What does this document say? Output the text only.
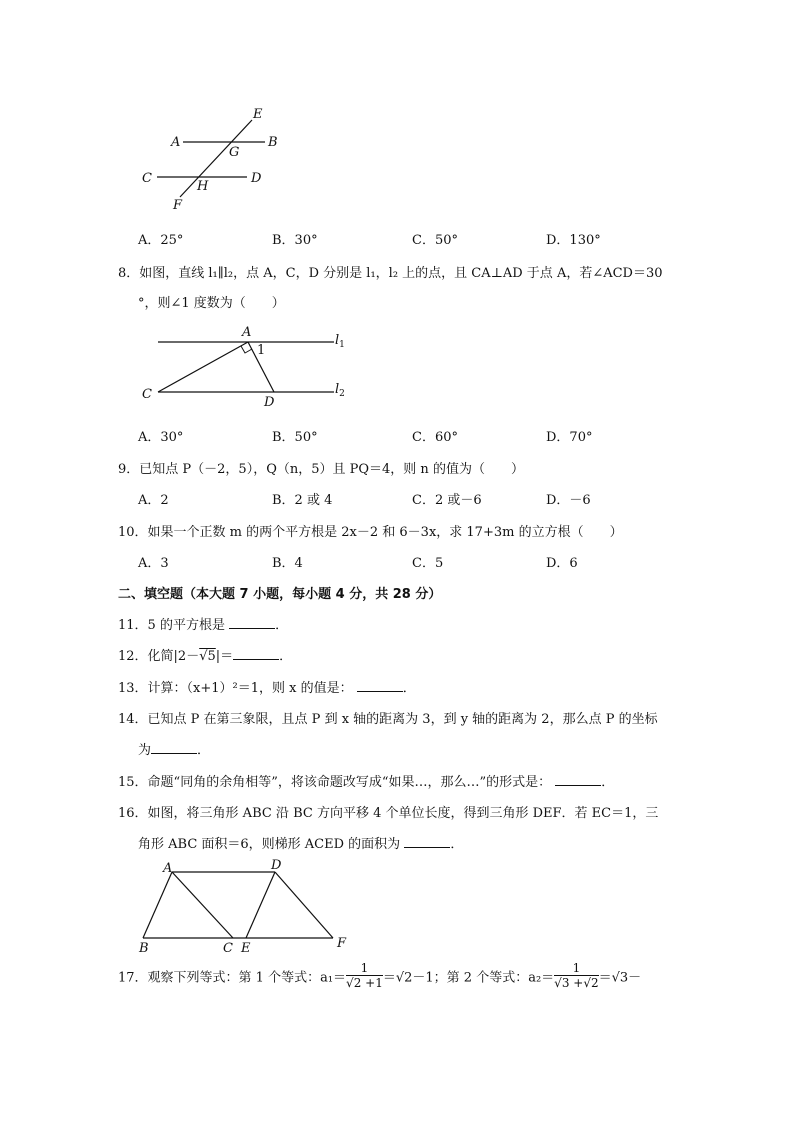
E
A	B
G
C
H
D
F
A．25°	B．30°	C．50°	D．130°
8．如图，直线 l₁∥l₂，点 A，C，D 分别是 l₁，l₂ 上的点，且 CA⊥AD 于点 A，若∠ACD＝30
°，则∠1 度数为（　　）
A
1
$l_1$
C
D
$l_2$
A．30°	B．50°	C．60°	D．70°
9．已知点 P（－2，5），Q（n，5）且 PQ＝4，则 n 的值为（　　）
A．2	B．2 或 4	C．2 或－6	D．－6
10．如果一个正数 m 的两个平方根是 2x－2 和 6－3x，求 17+3m 的立方根（　　）
A．3	B．4	C．5	D．6
二、填空题（本大题 7 小题，每小题 4 分，共 28 分）
11．5 的平方根是	．
12．化简|2－√5|＝	．
13．计算：（x+1）²＝1，则 x 的值是：	．
14．已知点 P 在第三象限，且点 P 到 x 轴的距离为 3，到 y 轴的距离为 2，那么点 P 的坐标
为	．
15．命题“同角的余角相等”，将该命题改写成“如果…，那么…”的形式是：	．
16．如图，将三角形 ABC 沿 BC 方向平移 4 个单位长度，得到三角形 DEF．若 EC＝1，三
角形 ABC 面积＝6，则梯形 ACED 的面积为	．
A	D
B	C E	F
17．观察下列等式：第 1 个等式：$a_1= \frac{1}{√2 +1} =√2-1$；第 2 个等式：$a_2= \frac{1}{√3 +√2} =√3-$
